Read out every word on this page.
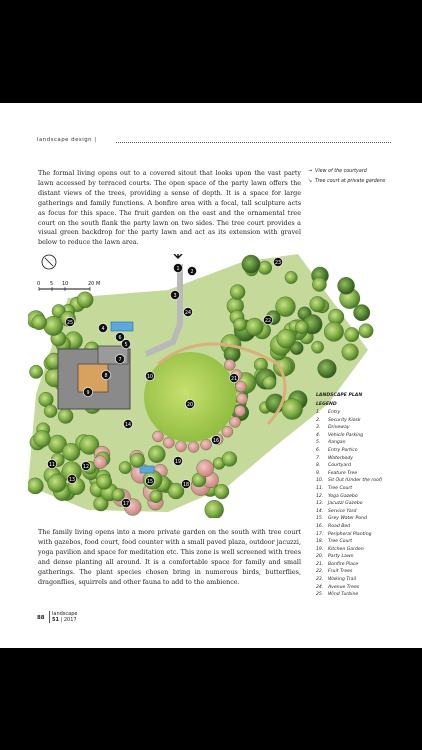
landscape design |

The formal living opens out to a covered sitout that looks upon the vast party lawn accessed by terraced courts. The open space of the party lawn offers the distant views of the trees, providing a sense of depth. It is a space for large gatherings and family functions. A bonfire area with a focal, tall sculpture acts as focus for this space. The fruit garden on the east and the ornamental tree court on the south flank the party lawn on two sides. The tree court provides a visual green backdrop for the party lawn and act as its extension with gravel below to reduce the lawn area.

→ View of the courtyard
↘ Tree court at private gardens
1
2
3
4
5
6
7
8
9
10
11	12
13
14
15
16
17
18
19
20
21
22
23
24
25
0 5 10	20 M
LANDSCAPE PLAN
LEGEND
1. Entry
2. Security Kiosk
3. Driveway
4. Vehicle Parking
5. Aangan
6. Entry Portico
7. Waterbody
8. Courtyard
9. Feature Tree
10. Sit Out (Under the roof)
11. Tree Court
12. Yoga Gazebo
13. Jacuzzi Gazebo
14. Service Yard
15. Grey Water Pond
16. Road Bed
17. Peripheral Planting
18. Tree Court
19. Kitchen Garden
20. Party Lawn
21. Bonfire Place
22. Fruit Trees
23. Waking Trail
24. Avenue Trees
25. Wind Turbine

The family living opens into a more private garden on the south with tree court with gazebos, food court, food counter with a small paved plaza, outdoor jacuzzi, yoga pavilion and space for meditation etc. This zone is well screened with trees and dense planting all around. It is a comfortable space for family and small gatherings. The plant species chosen bring in numerous birds, butterflies, dragonflies, squirrels and other fauna to add to the ambience.

88
landscape
51 | 2017
